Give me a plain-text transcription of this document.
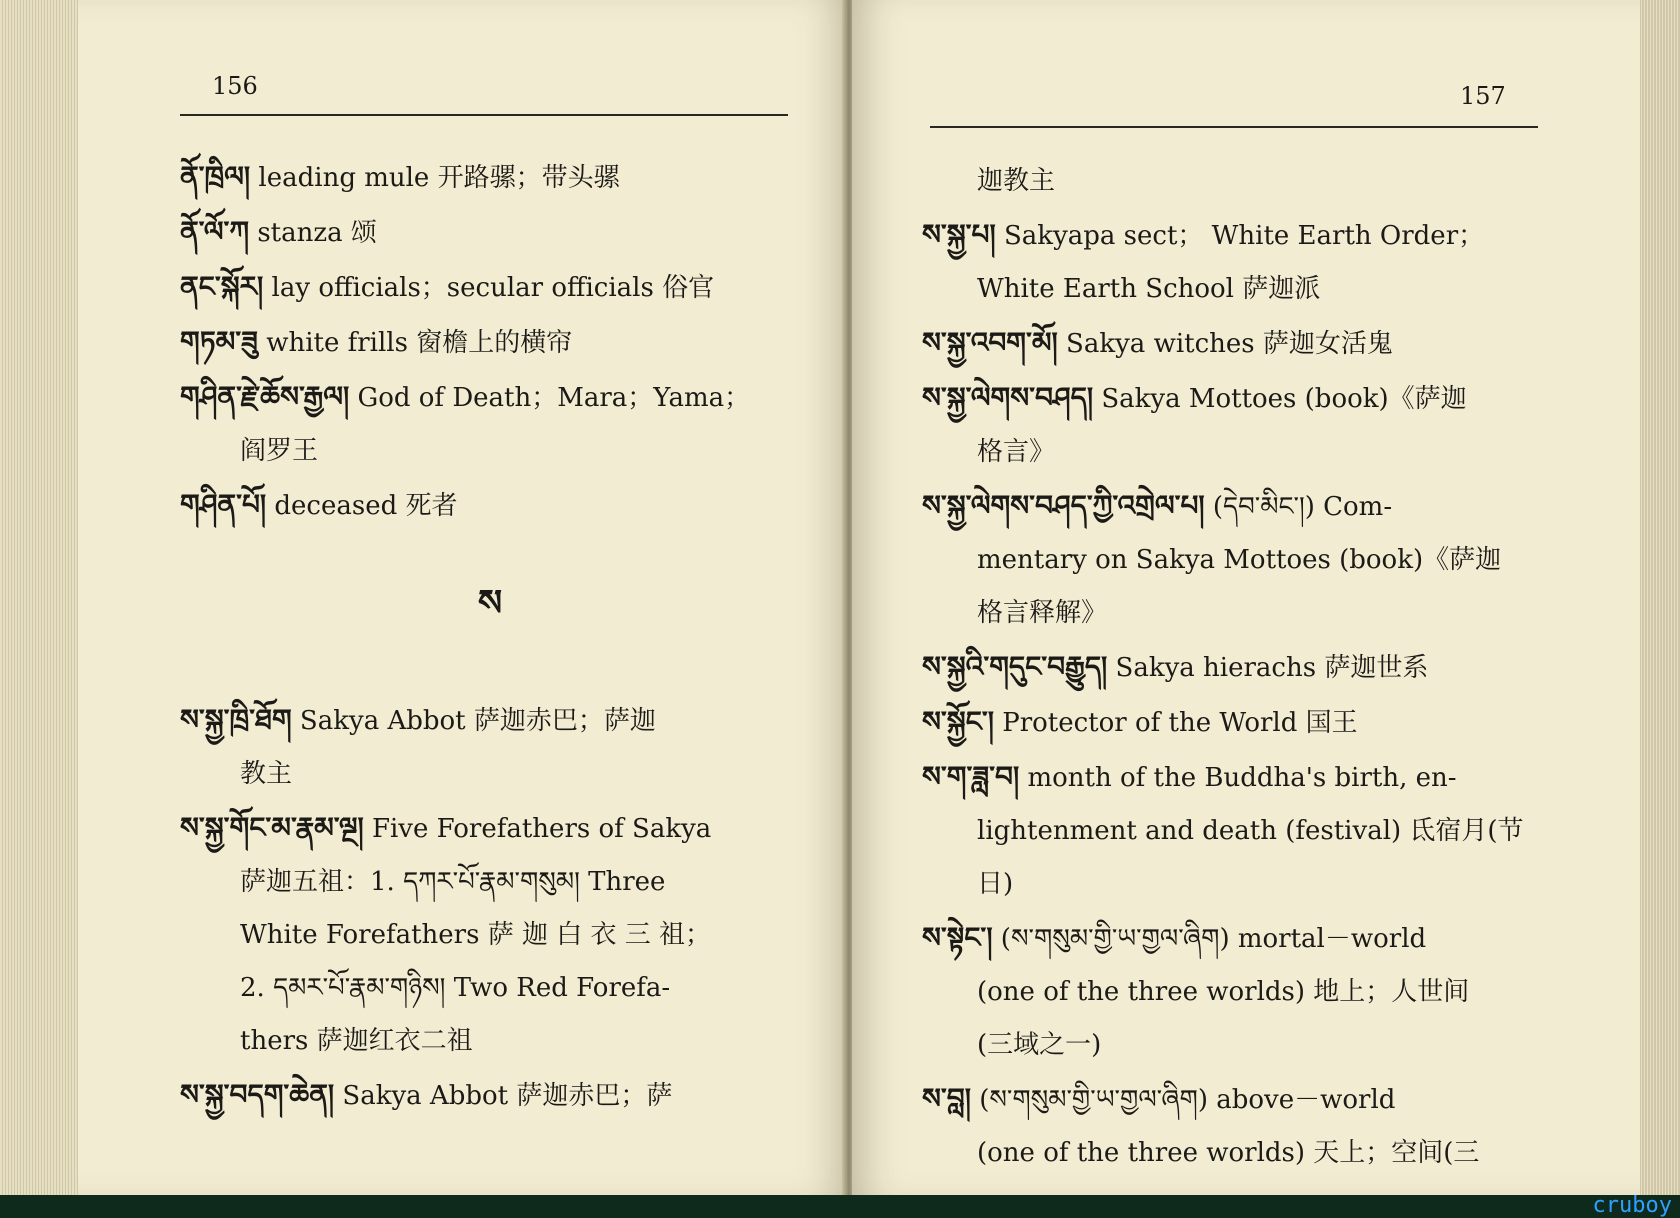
156
ནོ་ཁྲིལ། leading mule 开路骡；带头骡
ནོ་ལོ་ཀ stanza 颂
ནང་སྐོར། lay officials；secular officials 俗官
གཏམ་ཟུ white frills 窗檐上的横帘
གཤིན་རྗེ་ཆོས་རྒྱལ། God of Death；Mara；Yama；
阎罗王
གཤིན་པོ། deceased 死者
ས
ས་སྐྱ་ཁྲི་ཐོག Sakya Abbot 萨迦赤巴；萨迦
教主
ས་སྐྱ་གོང་མ་རྣམ་ལྔ། Five Forefathers of Sakya
萨迦五祖：1. དཀར་པོ་རྣམ་གསུམ། Three
White Forefathers 萨 迦 白 衣 三 祖；
2. དམར་པོ་རྣམ་གཉིས། Two Red Forefa-
thers 萨迦红衣二祖
ས་སྐྱ་བདག་ཆེན། Sakya Abbot 萨迦赤巴；萨
157
迦教主
ས་སྐྱ་པ། Sakyapa sect； White Earth Order；
White Earth School 萨迦派
ས་སྐྱ་འབག་མོ། Sakya witches 萨迦女活鬼
ས་སྐྱ་ལེགས་བཤད། Sakya Mottoes (book)《萨迦
格言》
ས་སྐྱ་ལེགས་བཤད་ཀྱི་འགྲེལ་པ། (དེབ་མིང་།) Com-
mentary on Sakya Mottoes (book)《萨迦
格言释解》
ས་སྐྱའི་གདུང་བརྒྱུད། Sakya hierachs 萨迦世系
ས་སྐྱོང་། Protector of the World 国王
ས་ག་ཟླ་བ། month of the Buddha's birth, en-
lightenment and death (festival) 氐宿月(节
日)
ས་སྟེང་། (ས་གསུམ་གྱི་ཡ་གྱལ་ཞིག) mortal－world
(one of the three worlds) 地上；人世间
(三域之一)
ས་བླ། (ས་གསུམ་གྱི་ཡ་གྱལ་ཞིག) above－world
(one of the three worlds) 天上；空间(三
cruboy
